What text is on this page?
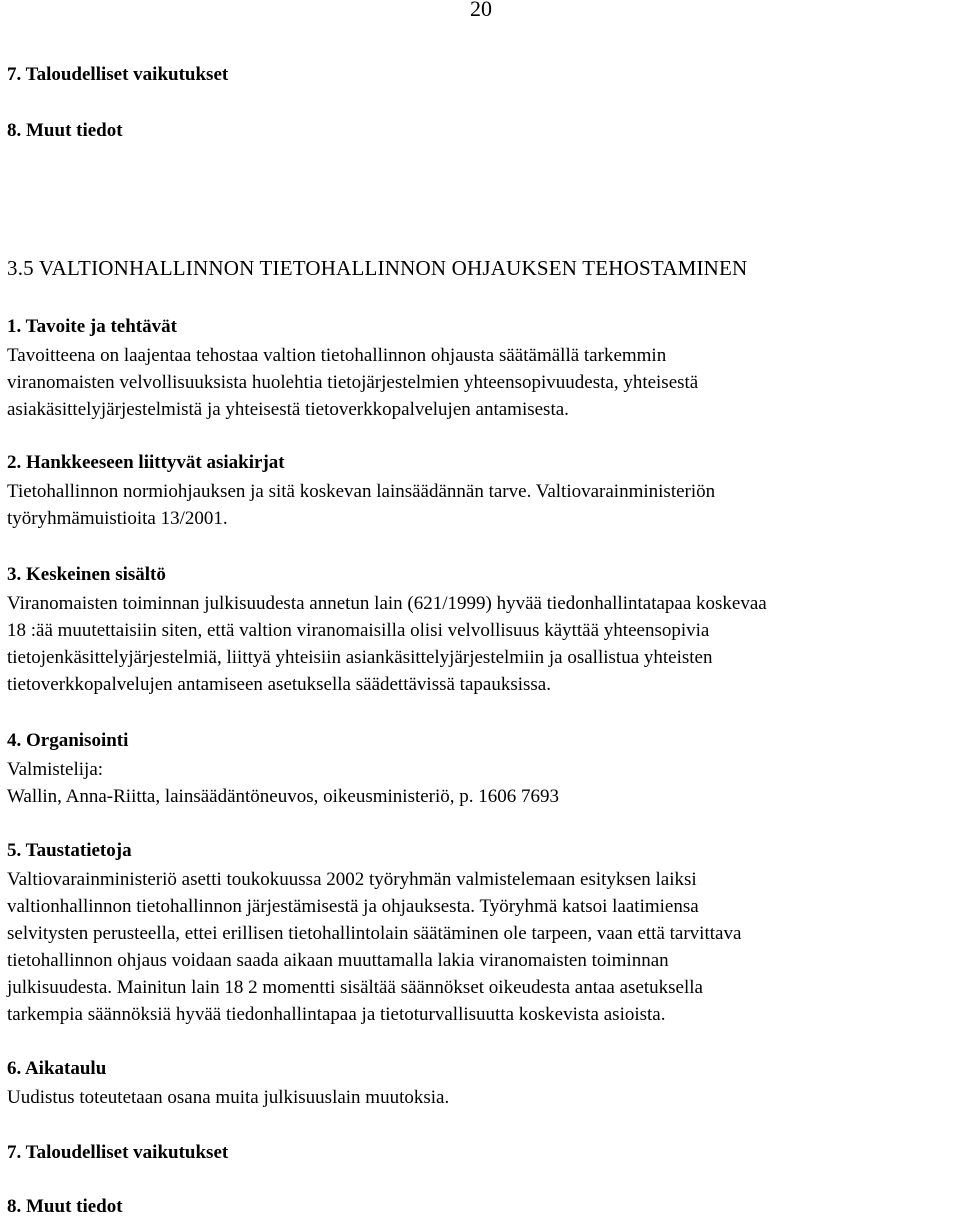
20
7. Taloudelliset vaikutukset
8. Muut tiedot
3.5 VALTIONHALLINNON TIETOHALLINNON OHJAUKSEN TEHOSTAMINEN
1. Tavoite ja tehtävät
Tavoitteena on laajentaa tehostaa valtion tietohallinnon ohjausta säätämällä tarkemmin
viranomaisten velvollisuuksista huolehtia tietojärjestelmien yhteensopivuudesta, yhteisestä
asiakäsittelyjärjestelmistä ja yhteisestä tietoverkkopalvelujen antamisesta.
2. Hankkeeseen liittyvät asiakirjat
Tietohallinnon normiohjauksen ja sitä koskevan lainsäädännän tarve. Valtiovarainministeriön
työryhmämuistioita 13/2001.
3. Keskeinen sisältö
Viranomaisten toiminnan julkisuudesta annetun lain (621/1999) hyvää tiedonhallintatapaa koskevaa
18 :ää muutettaisiin siten, että valtion viranomaisilla olisi velvollisuus käyttää yhteensopivia
tietojenkäsittelyjärjestelmiä, liittyä yhteisiin asiankäsittelyjärjestelmiin ja osallistua yhteisten
tietoverkkopalvelujen antamiseen asetuksella säädettävissä tapauksissa.
4. Organisointi
Valmistelija:
Wallin, Anna-Riitta, lainsäädäntöneuvos, oikeusministeriö, p. 1606 7693
5. Taustatietoja
Valtiovarainministeriö asetti toukokuussa 2002 työryhmän valmistelemaan esityksen laiksi
valtionhallinnon tietohallinnon järjestämisestä ja ohjauksesta. Työryhmä katsoi laatimiensa
selvitysten perusteella, ettei erillisen tietohallintolain säätäminen ole tarpeen, vaan että tarvittava
tietohallinnon ohjaus voidaan saada aikaan muuttamalla lakia viranomaisten toiminnan
julkisuudesta. Mainitun lain 18 2 momentti sisältää säännökset oikeudesta antaa asetuksella
tarkempia säännöksiä hyvää tiedonhallintapaa ja tietoturvallisuutta koskevista asioista.
6. Aikataulu
Uudistus toteutetaan osana muita julkisuuslain muutoksia.
7. Taloudelliset vaikutukset
8. Muut tiedot
